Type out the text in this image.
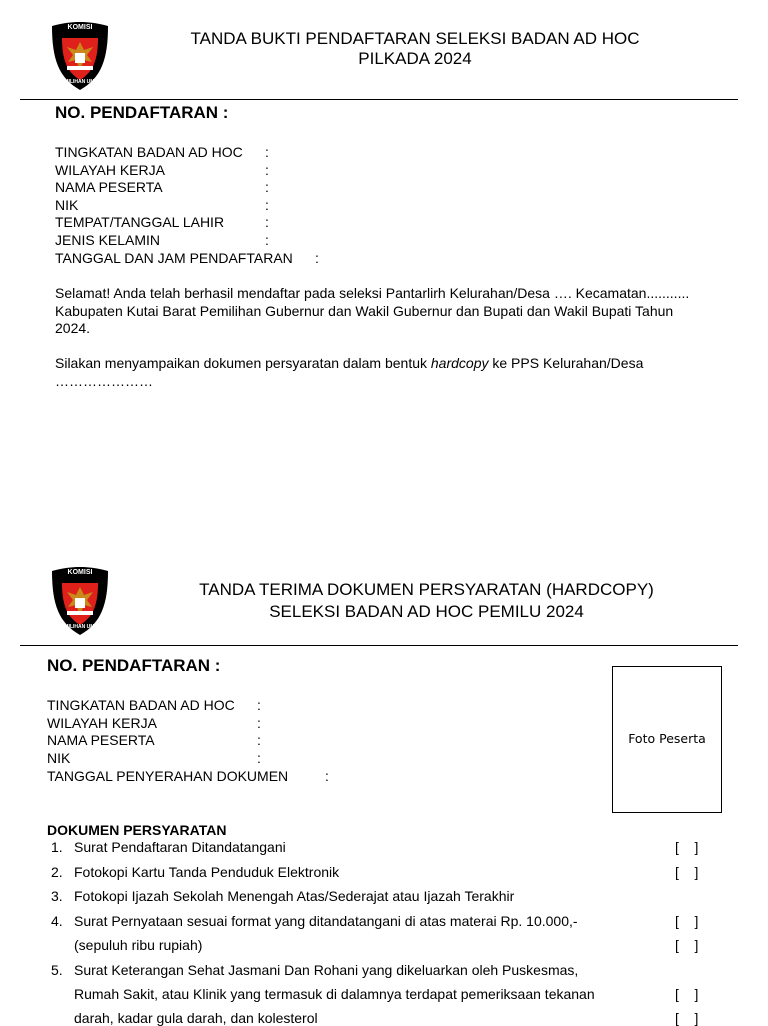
KOMISI
PEMILIHAN UMUM
TANDA BUKTI PENDAFTARAN SELEKSI BADAN AD HOC
PILKADA 2024
NO. PENDAFTARAN :
TINGKATAN BADAN AD HOC :
WILAYAH KERJA	:
NAMA PESERTA	:
NIK	:
TEMPAT/TANGGAL LAHIR	:
JENIS KELAMIN	:
TANGGAL DAN JAM PENDAFTARAN :
Selamat! Anda telah berhasil mendaftar pada seleksi Pantarlirh Kelurahan/Desa …. Kecamatan........... Kabupaten Kutai Barat Pemilihan Gubernur dan Wakil Gubernur dan Bupati dan Wakil Bupati Tahun 2024.
Silakan menyampaikan dokumen persyaratan dalam bentuk hardcopy ke PPS Kelurahan/Desa …………………
KOMISI
PEMILIHAN UMUM
TANDA TERIMA DOKUMEN PERSYARATAN (HARDCOPY)
SELEKSI BADAN AD HOC PEMILU 2024
NO. PENDAFTARAN :
TINGKATAN BADAN AD HOC :
WILAYAH KERJA	:
NAMA PESERTA	:
NIK	:
TANGGAL PENYERAHAN DOKUMEN	:
Foto Peserta
DOKUMEN PERSYARATAN
1. Surat Pendaftaran Ditandatangani	[    ]
2. Fotokopi Kartu Tanda Penduduk Elektronik	[    ]
3. Fotokopi Ijazah Sekolah Menengah Atas/Sederajat atau Ijazah Terakhir
4. Surat Pernyataan sesuai format yang ditandatangani di atas materai Rp. 10.000,-	[    ]
(sepuluh ribu rupiah)	[    ]
5. Surat Keterangan Sehat Jasmani Dan Rohani yang dikeluarkan oleh Puskesmas,
Rumah Sakit, atau Klinik yang termasuk di dalamnya terdapat pemeriksaan tekanan	[    ]
darah, kadar gula darah, dan kolesterol	[    ]
